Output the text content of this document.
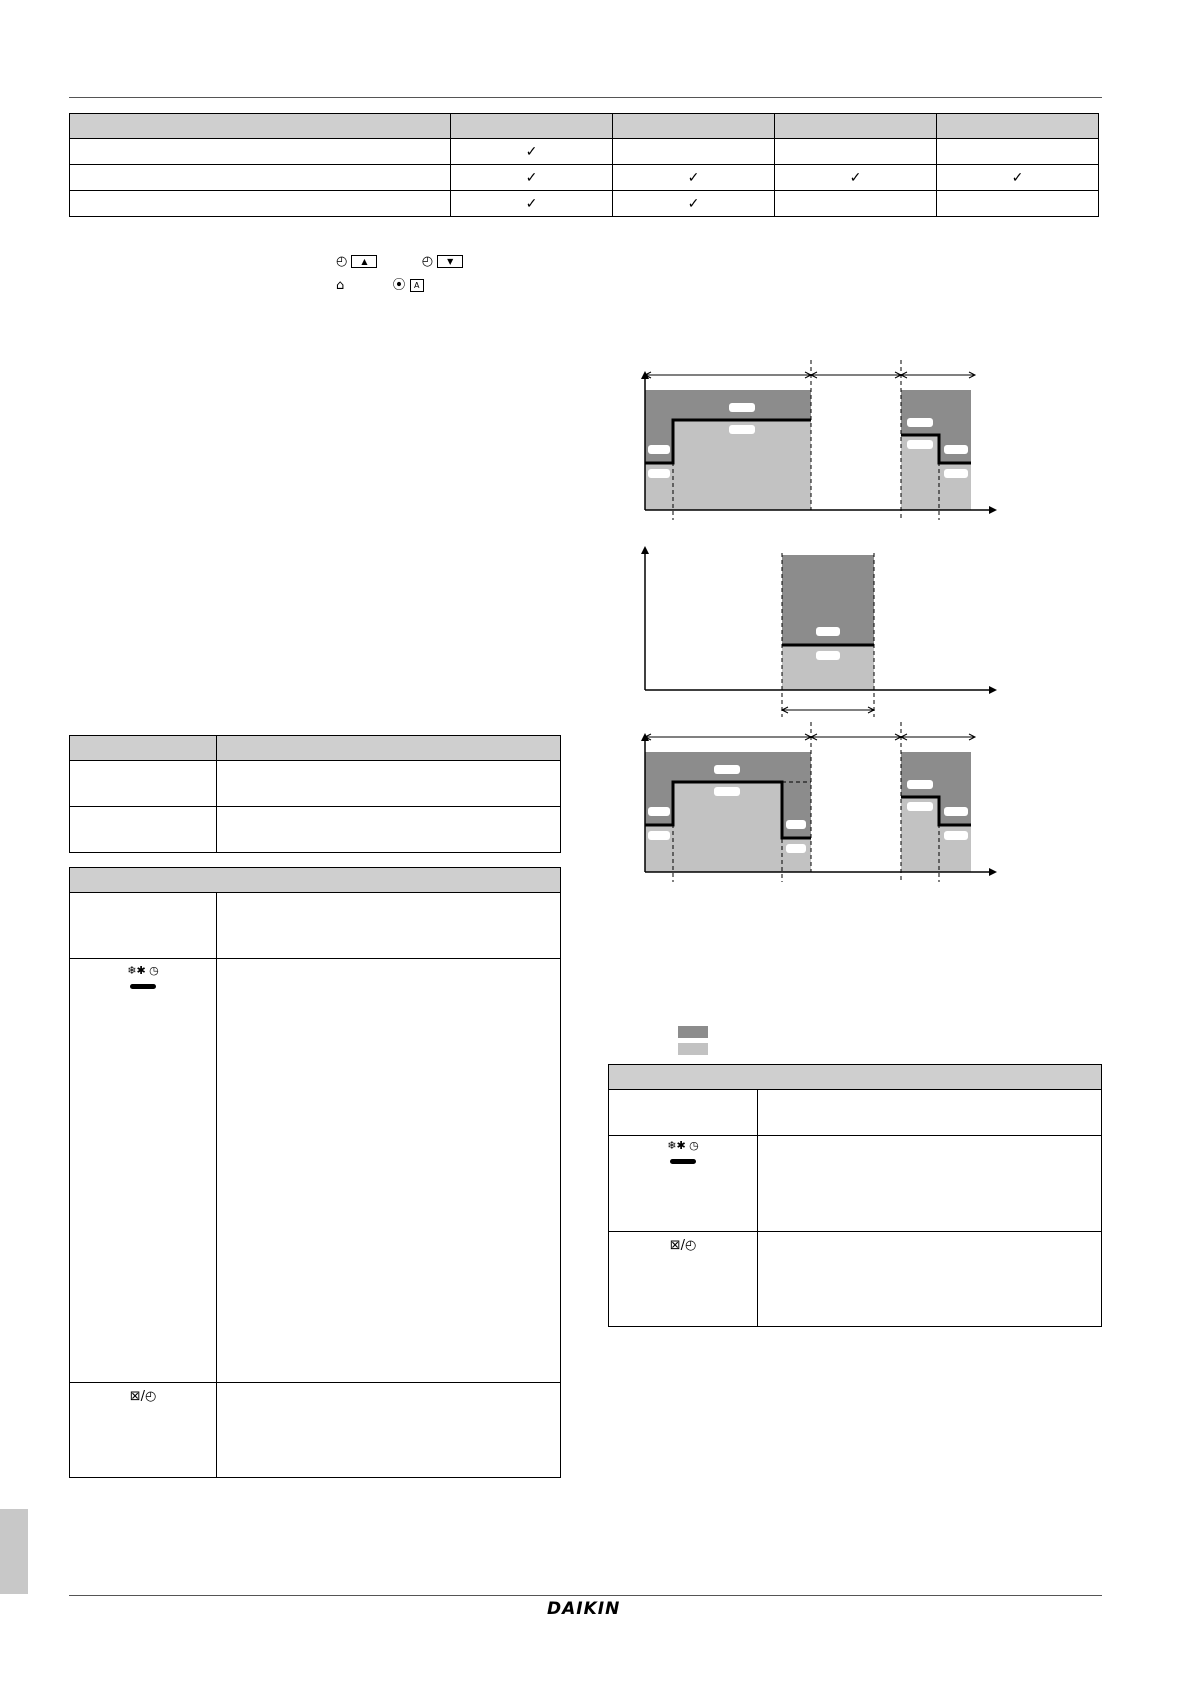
	✓			
	✓	✓	✓	✓
	✓	✓		
◴ ▲	◴ ▼
⌂	⦿ A

❄✱ ◷	

⊠/◴	

❄✱ ◷	

⊠/◴	
DAIKIN
